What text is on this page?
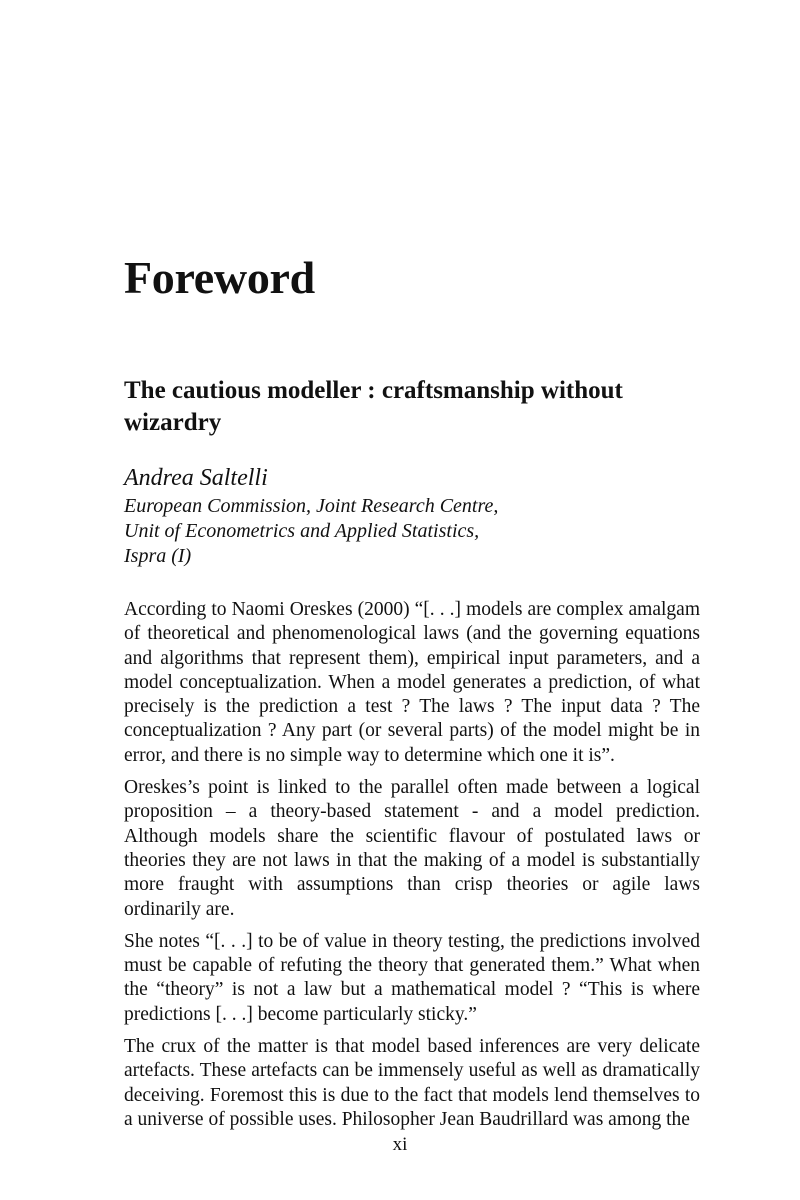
Foreword
The cautious modeller : craftsmanship without wizardry
Andrea Saltelli
European Commission, Joint Research Centre,
Unit of Econometrics and Applied Statistics,
Ispra (I)

According to Naomi Oreskes (2000) “[. . .] models are complex amalgam of theoretical and phenomenological laws (and the governing equations and algorithms that represent them), empirical input parameters, and a model conceptualization. When a model generates a prediction, of what precisely is the prediction a test ? The laws ? The input data ? The conceptualization ? Any part (or several parts) of the model might be in error, and there is no simple way to determine which one it is”.

Oreskes’s point is linked to the parallel often made between a logical proposition – a theory-based statement - and a model prediction. Although models share the scientific flavour of postulated laws or theories they are not laws in that the making of a model is substantially more fraught with assumptions than crisp theories or agile laws ordinarily are.

She notes “[. . .] to be of value in theory testing, the predictions involved must be capable of refuting the theory that generated them.” What when the “theory” is not a law but a mathematical model ? “This is where predictions [. . .] become particularly sticky.”

The crux of the matter is that model based inferences are very delicate artefacts. These artefacts can be immensely useful as well as dramatically deceiving. Foremost this is due to the fact that models lend themselves to a universe of possible uses. Philosopher Jean Baudrillard was among the

xi
